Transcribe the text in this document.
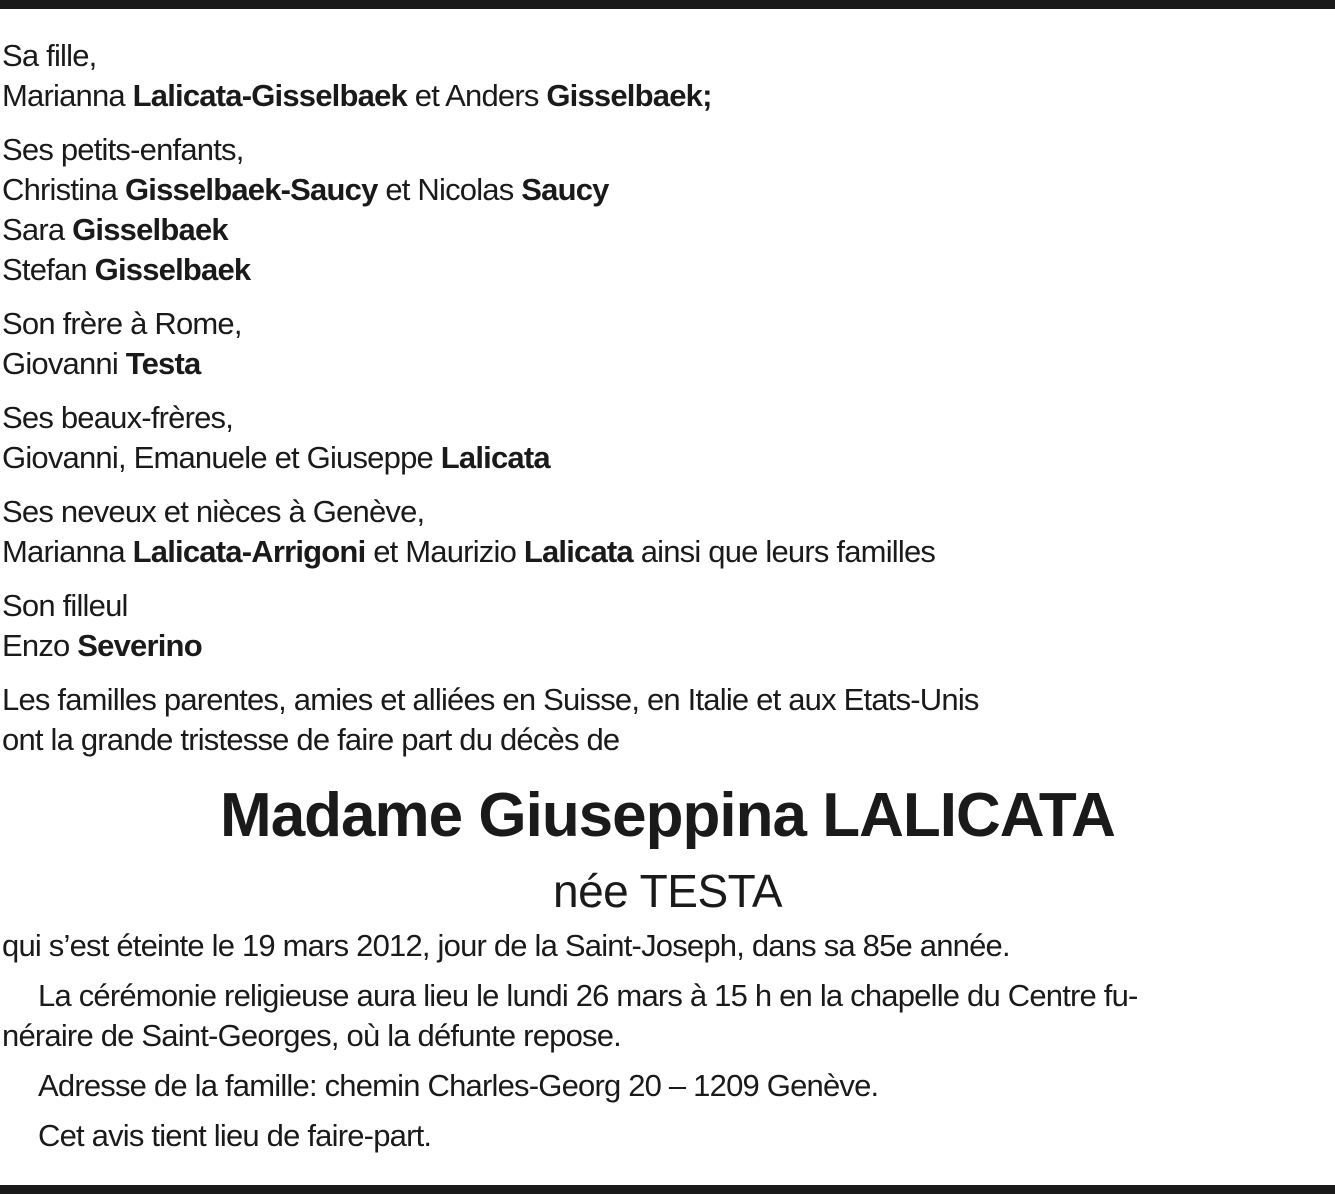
Sa fille,
Marianna Lalicata-Gisselbaek et Anders Gisselbaek;
Ses petits-enfants,
Christina Gisselbaek-Saucy et Nicolas Saucy
Sara Gisselbaek
Stefan Gisselbaek
Son frère à Rome,
Giovanni Testa
Ses beaux-frères,
Giovanni, Emanuele et Giuseppe Lalicata
Ses neveux et nièces à Genève,
Marianna Lalicata-Arrigoni et Maurizio Lalicata ainsi que leurs familles
Son filleul
Enzo Severino
Les familles parentes, amies et alliées en Suisse, en Italie et aux Etats-Unis
ont la grande tristesse de faire part du décès de
Madame Giuseppina LALICATA
née TESTA
qui s’est éteinte le 19 mars 2012, jour de la Saint-Joseph, dans sa 85e année.
La cérémonie religieuse aura lieu le lundi 26 mars à 15 h en la chapelle du Centre fu-
néraire de Saint-Georges, où la défunte repose.
Adresse de la famille: chemin Charles-Georg 20 – 1209 Genève.
Cet avis tient lieu de faire-part.
